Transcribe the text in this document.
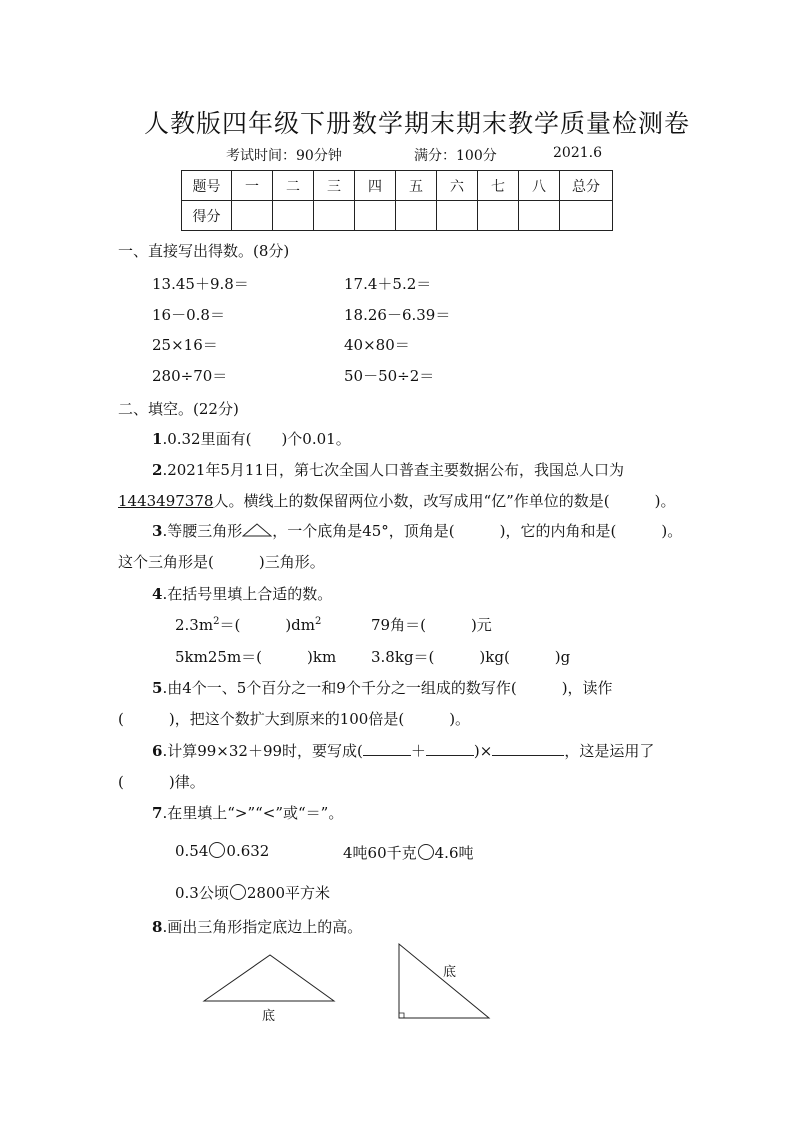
人教版四年级下册数学期末期末教学质量检测卷
考试时间：90分钟	满分：100分	2021.6
题号	一	二	三	四	五	六	七	八	总分
得分									
一、直接写出得数。(8分)
13.45＋9.8＝	17.4＋5.2＝
16－0.8＝	18.26－6.39＝
25×16＝	40×80＝
280÷70＝	50－50÷2＝
二、填空。(22分)
1.0.32里面有(　　)个0.01。
2.2021年5月11日，第七次全国人口普查主要数据公布，我国总人口为
1443497378人。横线上的数保留两位小数，改写成用“亿”作单位的数是(　　　)。
3.等腰三角形 ，一个底角是45°，顶角是(　　　)，它的内角和是(　　　)。
这个三角形是(　　　)三角形。
4.在括号里填上合适的数。
$2.3m^2=$(　　　)$dm^2$	79角＝(　　　)元
5km25m＝(　　　)km 3.8kg＝(　　　)kg(　　　)g
5.由4个一、5个百分之一和9个千分之一组成的数写作(　　　)，读作
(　　　)，把这个数扩大到原来的100倍是(　　　)。
6.计算99×32＋99时，要写成(	＋	)×	，这是运用了
(　　　)律。
7.在里填上“>”“<”或“＝”。
0.54 0.632	4吨60千克 4.6吨
0.3公顷 2800平方米
8.画出三角形指定底边上的高。
底
底
